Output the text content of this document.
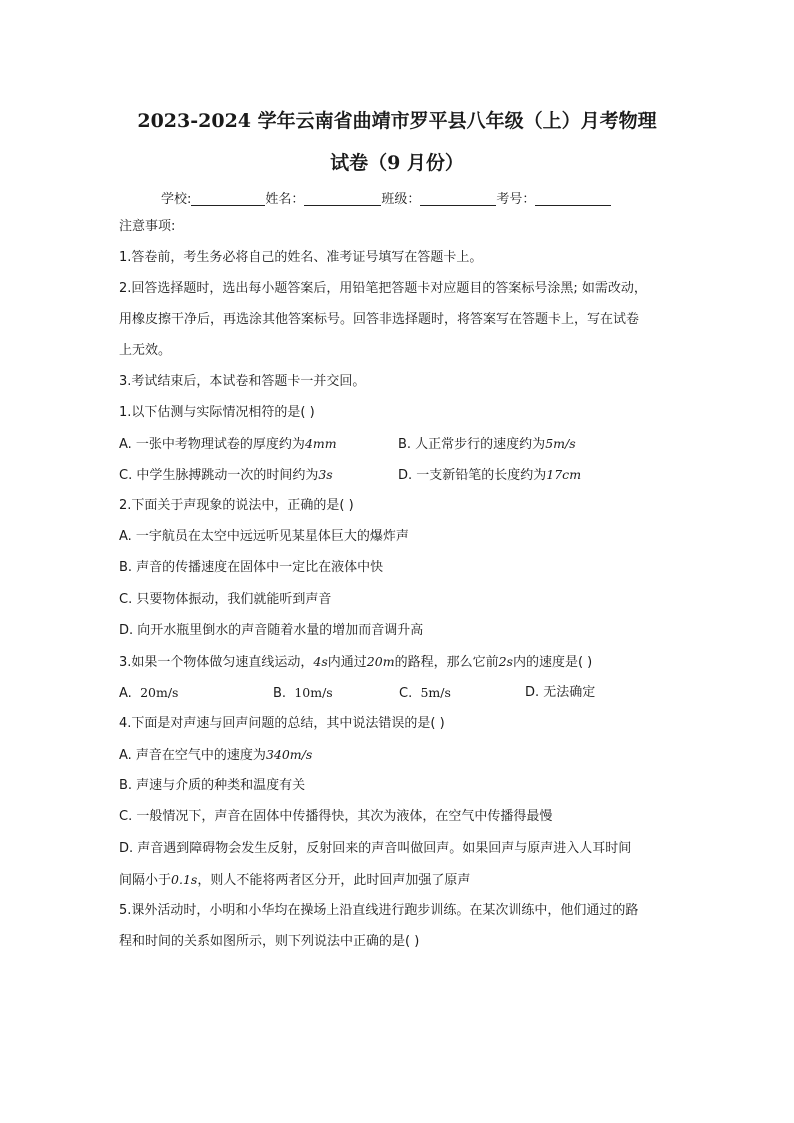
2023-2024 学年云南省曲靖市罗平县八年级（上）月考物理
试卷（9 月份）
学校:	姓名：	班级：	考号：
注意事项:
1.答卷前，考生务必将自己的姓名、准考证号填写在答题卡上。
2.回答选择题时，选出每小题答案后，用铅笔把答题卡对应题目的答案标号涂黑; 如需改动，
用橡皮擦干净后，再选涂其他答案标号。回答非选择题时，将答案写在答题卡上，写在试卷
上无效。
3.考试结束后，本试卷和答题卡一并交回。
1.以下估测与实际情况相符的是( )
A. 一张中考物理试卷的厚度约为4mm	B. 人正常步行的速度约为5m/s
C. 中学生脉搏跳动一次的时间约为3s	D. 一支新铅笔的长度约为17cm
2.下面关于声现象的说法中，正确的是( )
A. 一宇航员在太空中远远听见某星体巨大的爆炸声
B. 声音的传播速度在固体中一定比在液体中快
C. 只要物体振动，我们就能听到声音
D. 向开水瓶里倒水的声音随着水量的增加而音调升高
3.如果一个物体做匀速直线运动，4s内通过20m的路程，那么它前2s内的速度是( )
A. 20m/s	B. 10m/s	C. 5m/s	D. 无法确定
4.下面是对声速与回声问题的总结，其中说法错误的是( )
A. 声音在空气中的速度为340m/s
B. 声速与介质的种类和温度有关
C. 一般情况下，声音在固体中传播得快，其次为液体，在空气中传播得最慢
D. 声音遇到障碍物会发生反射，反射回来的声音叫做回声。如果回声与原声进入人耳时间
间隔小于0.1s，则人不能将两者区分开，此时回声加强了原声
5.课外活动时，小明和小华均在操场上沿直线进行跑步训练。在某次训练中，他们通过的路
程和时间的关系如图所示，则下列说法中正确的是( )
